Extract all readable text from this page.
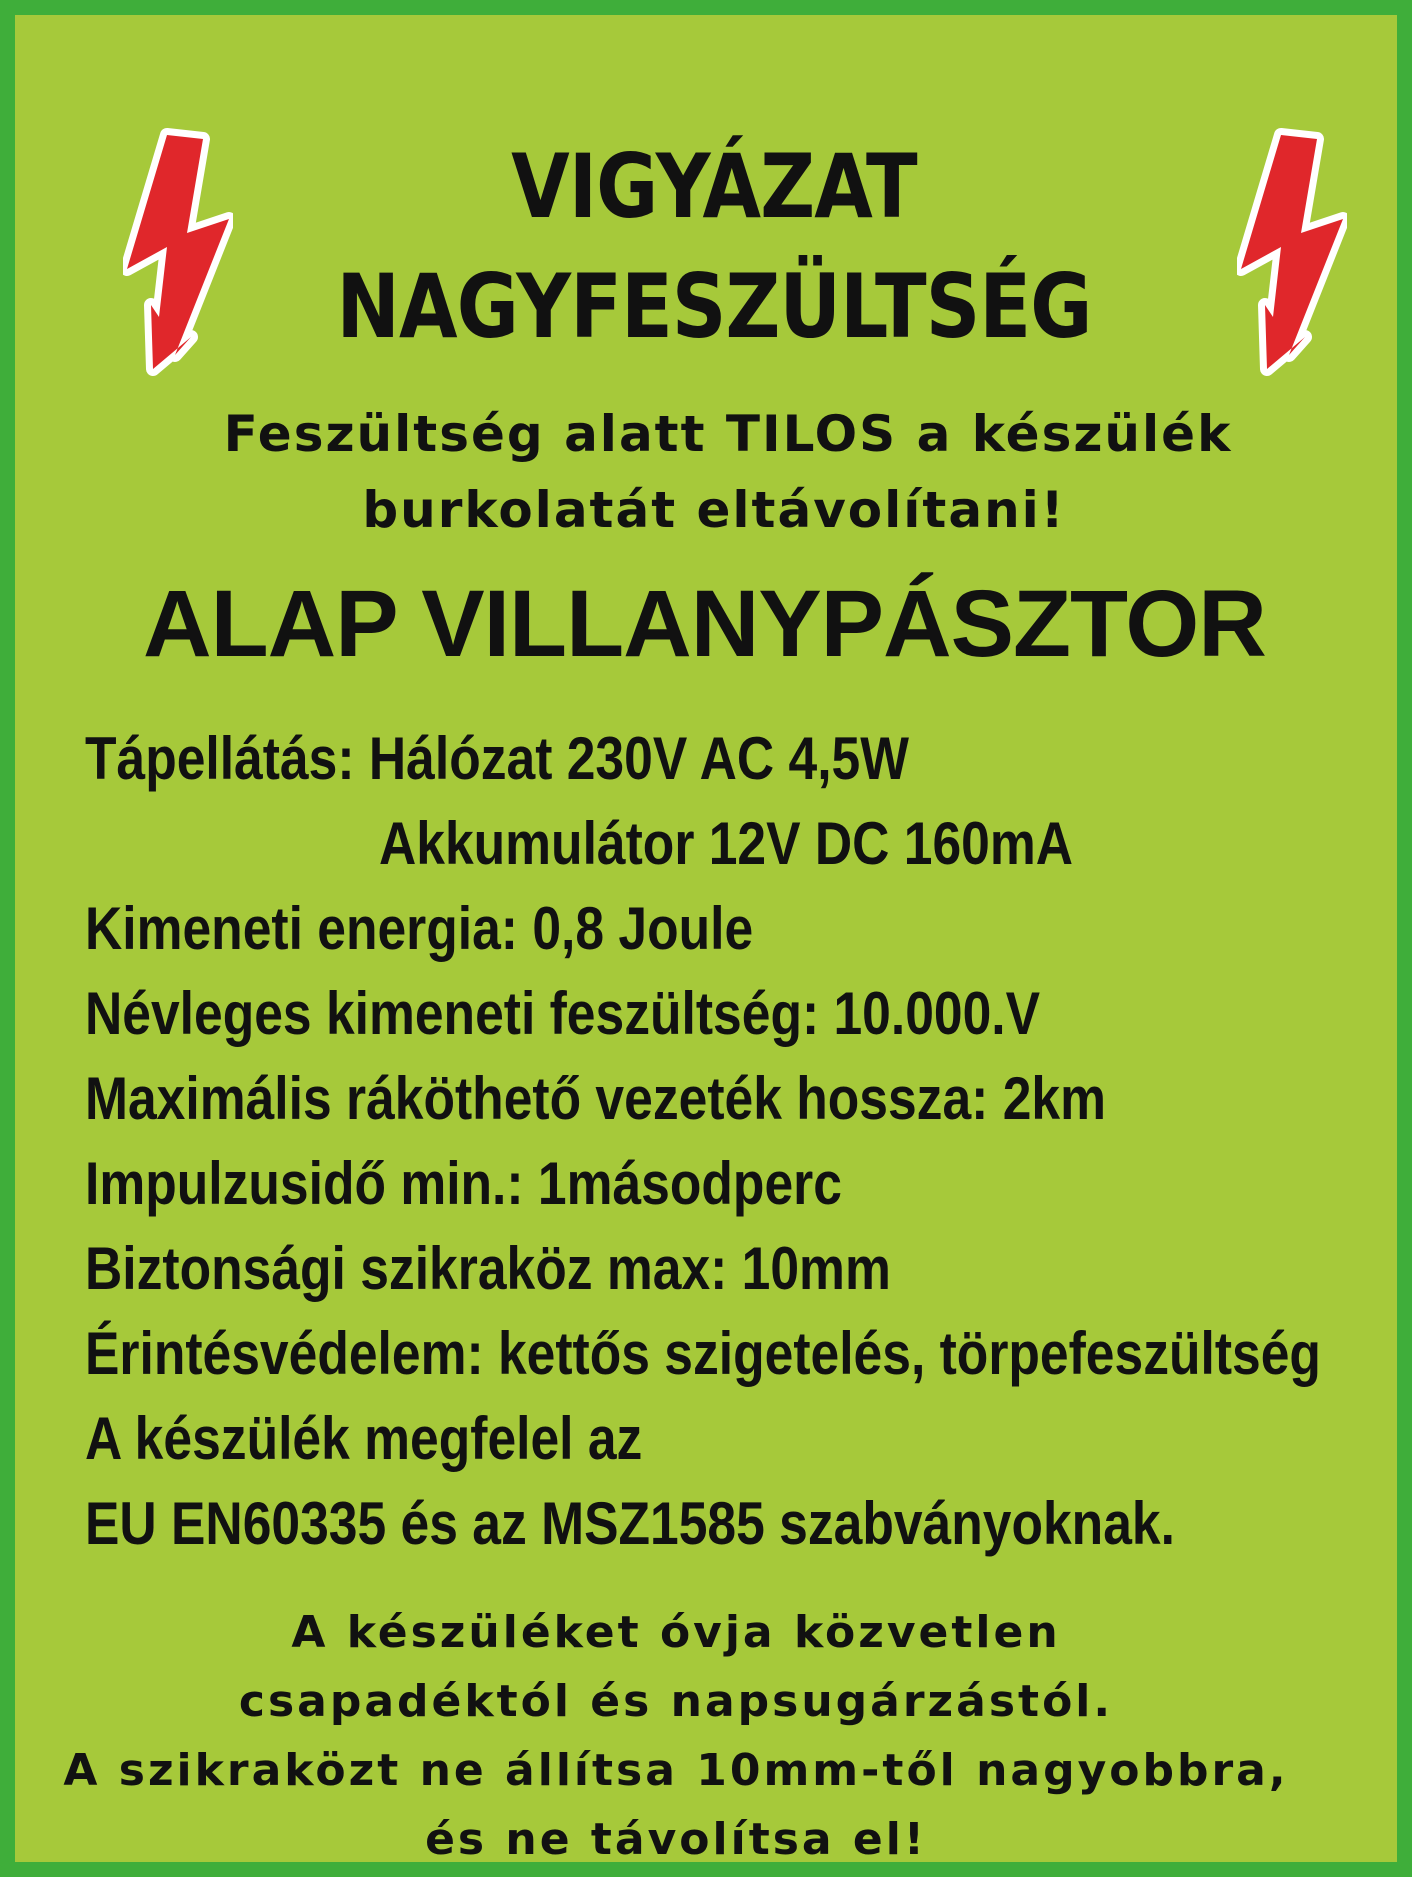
VIGYÁZAT
NAGYFESZÜLTSÉG
Feszültség alatt TILOS a készülék
burkolatát eltávolítani!
ALAP VILLANYPÁSZTOR
Tápellátás: Hálózat 230V AC 4,5W
Akkumulátor 12V DC 160mA
Kimeneti energia: 0,8 Joule
Névleges kimeneti feszültség: 10.000.V
Maximális ráköthető vezeték hossza: 2km
Impulzusidő min.: 1másodperc
Biztonsági szikraköz max: 10mm
Érintésvédelem: kettős szigetelés, törpefeszültség
A készülék megfelel az
EU EN60335 és az MSZ1585 szabványoknak.
A készüléket óvja közvetlen
csapadéktól és napsugárzástól.
A szikraközt ne állítsa 10mm-től nagyobbra,
és ne távolítsa el!
